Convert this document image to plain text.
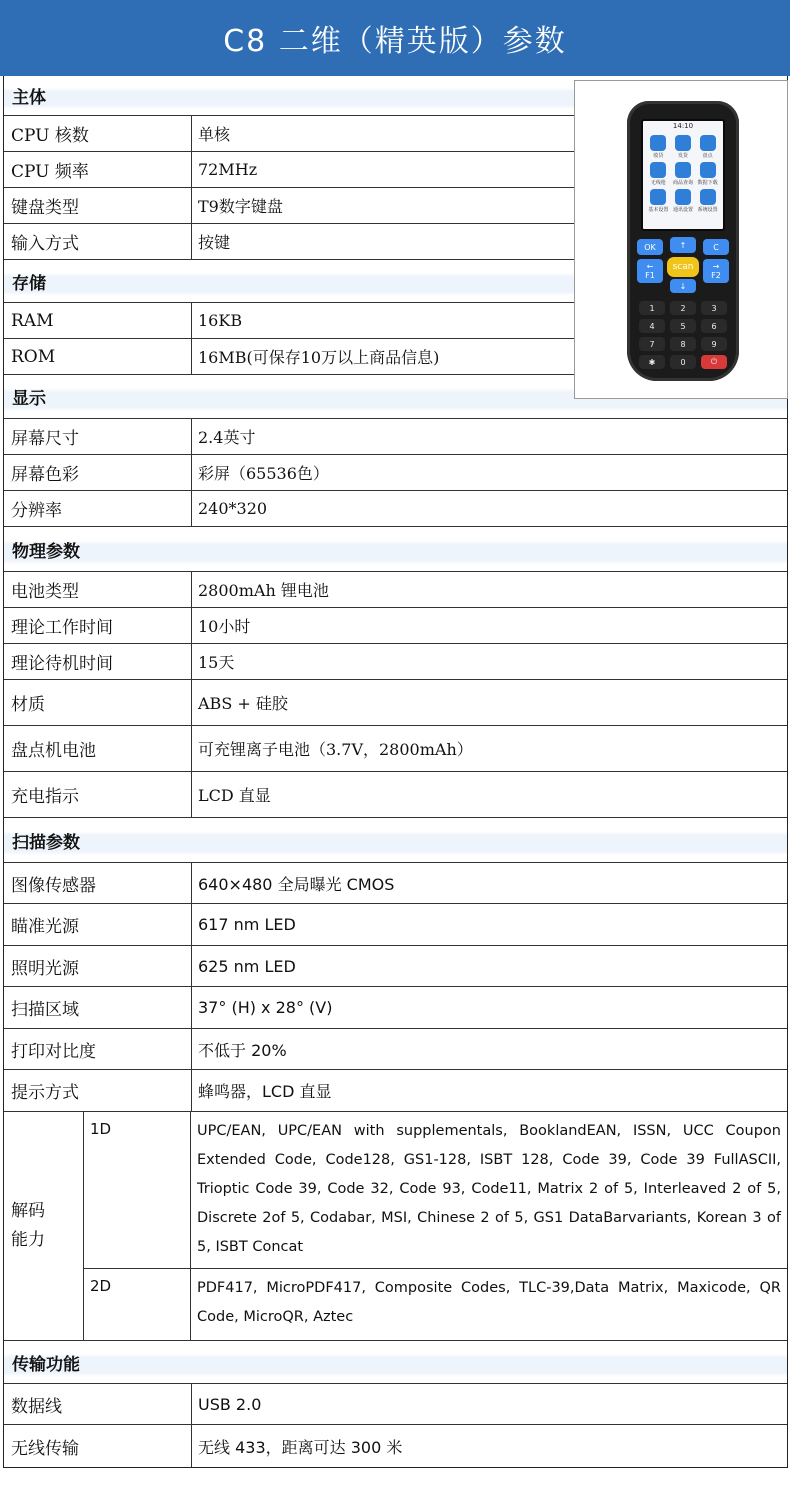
C8 二维（精英版）参数
主体
CPU 核数	单核
CPU 频率	72MHz
键盘类型	T9数字键盘
输入方式	按键
存储
RAM	16KB
ROM	16MB(可保存10万以上商品信息)
显示
屏幕尺寸	2.4英寸
屏幕色彩	彩屏（65536色）
分辨率	240*320
物理参数
电池类型	2800mAh 锂电池
理论工作时间	10小时
理论待机时间	15天
材质	ABS + 硅胶
盘点机电池	可充锂离子电池（3.7V，2800mAh）
充电指示	LCD 直显
扫描参数
图像传感器	640×480 全局曝光 CMOS
瞄准光源	617 nm LED
照明光源	625 nm LED
扫描区域	37° (H) x 28° (V)
打印对比度	不低于 20%
提示方式	蜂鸣器，LCD 直显
解码
能力
1D	UPC/EAN, UPC/EAN with supplementals, BooklandEAN, ISSN, UCC Coupon Extended Code, Code128, GS1-128, ISBT 128, Code 39, Code 39 FullASCII, Trioptic Code 39, Code 32, Code 93, Code11, Matrix 2 of 5, Interleaved 2 of 5, Discrete 2of 5, Codabar, MSI, Chinese 2 of 5, GS1 DataBarvariants, Korean 3 of 5, ISBT Concat
2D	PDF417, MicroPDF417, Composite Codes, TLC-39,Data Matrix, Maxicode, QR Code, MicroQR, Aztec
传输功能
数据线	USB 2.0
无线传输	无线 433，距离可达 300 米
14:10
收货	发货	盘点
无线枪 商品查询 数据下载
基本设置 通讯设置 系统设置
OK	↑	C
←
F1
scan	→
F2
↓
1	2	3
4	5	6
7	8	9
✱	0	⏻
